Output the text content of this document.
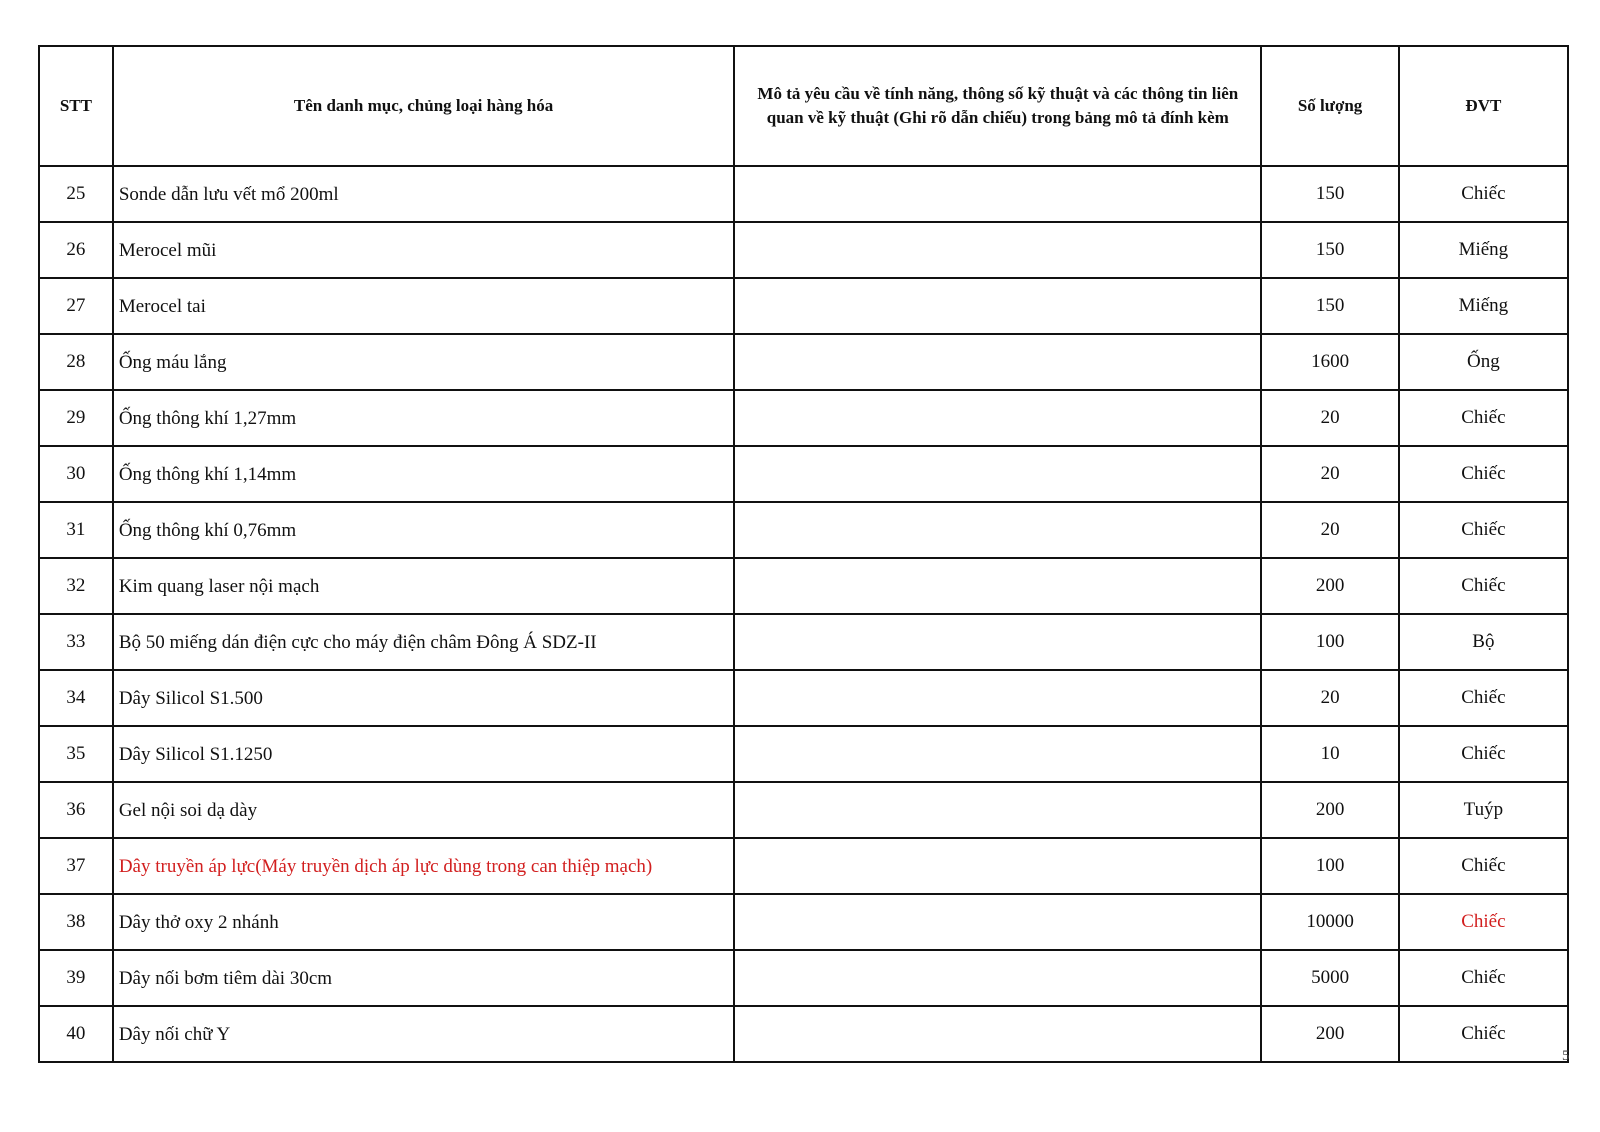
STT	Tên danh mục, chủng loại hàng hóa	Mô tả yêu cầu về tính năng, thông số kỹ thuật và các thông tin liên quan về kỹ thuật (Ghi rõ dẫn chiếu) trong bảng mô tả đính kèm	Số lượng	ĐVT
25	Sonde dẫn lưu vết mổ 200ml		150	Chiếc
26	Merocel mũi		150	Miếng
27	Merocel tai		150	Miếng
28	Ống máu lắng		1600	Ống
29	Ống thông khí 1,27mm		20	Chiếc
30	Ống thông khí 1,14mm		20	Chiếc
31	Ống thông khí 0,76mm		20	Chiếc
32	Kim quang laser nội mạch		200	Chiếc
33	Bộ 50 miếng dán điện cực cho máy điện châm Đông Á SDZ-II		100	Bộ
34	Dây Silicol S1.500		20	Chiếc
35	Dây Silicol S1.1250		10	Chiếc
36	Gel nội soi dạ dày		200	Tuýp
37	Dây truyền áp lực(Máy truyền dịch áp lực dùng trong can thiệp mạch)		100	Chiếc
38	Dây thở oxy 2 nhánh		10000	Chiếc
39	Dây nối bơm tiêm dài 30cm		5000	Chiếc
40	Dây nối chữ Y		200	Chiếc
5
